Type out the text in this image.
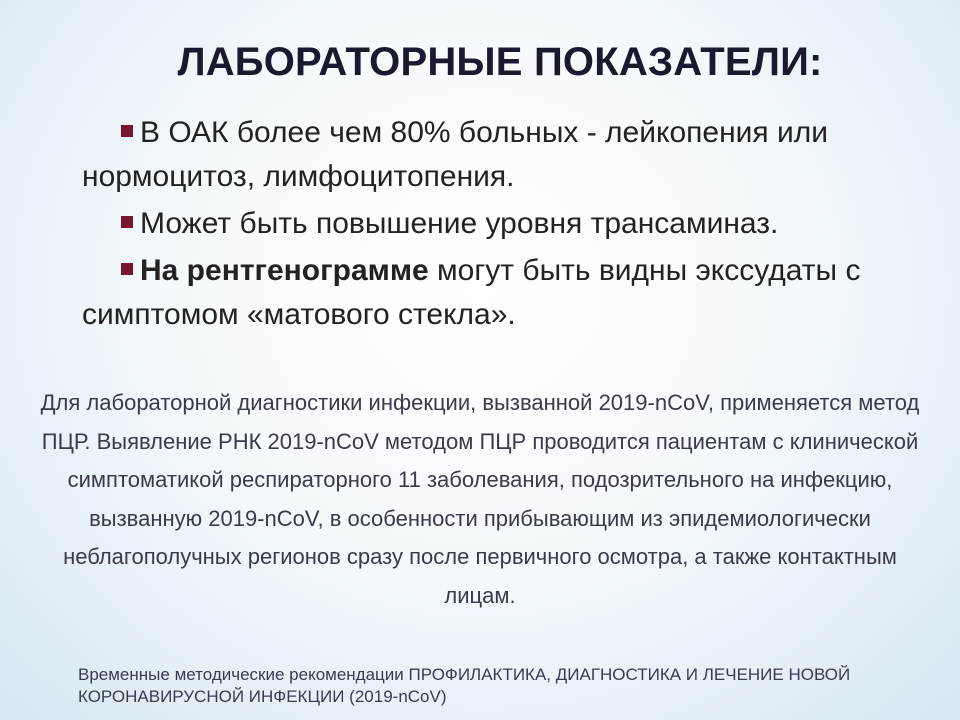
ЛАБОРАТОРНЫЕ ПОКАЗАТЕЛИ:
В ОАК более чем 80% больных - лейкопения или нормоцитоз, лимфоцитопения.
Может быть повышение уровня трансаминаз.
На рентгенограмме могут быть видны экссудаты с симптомом «матового стекла».
Для лабораторной диагностики инфекции, вызванной 2019-nCoV, применяется метод ПЦР. Выявление РНК 2019-nCoV методом ПЦР проводится пациентам с клинической симптоматикой респираторного 11 заболевания, подозрительного на инфекцию, вызванную 2019-nCoV, в особенности прибывающим из эпидемиологически неблагополучных регионов сразу после первичного осмотра, а также контактным лицам.
Временные методические рекомендации ПРОФИЛАКТИКА, ДИАГНОСТИКА И ЛЕЧЕНИЕ НОВОЙ КОРОНАВИРУСНОЙ ИНФЕКЦИИ (2019-nCoV)
